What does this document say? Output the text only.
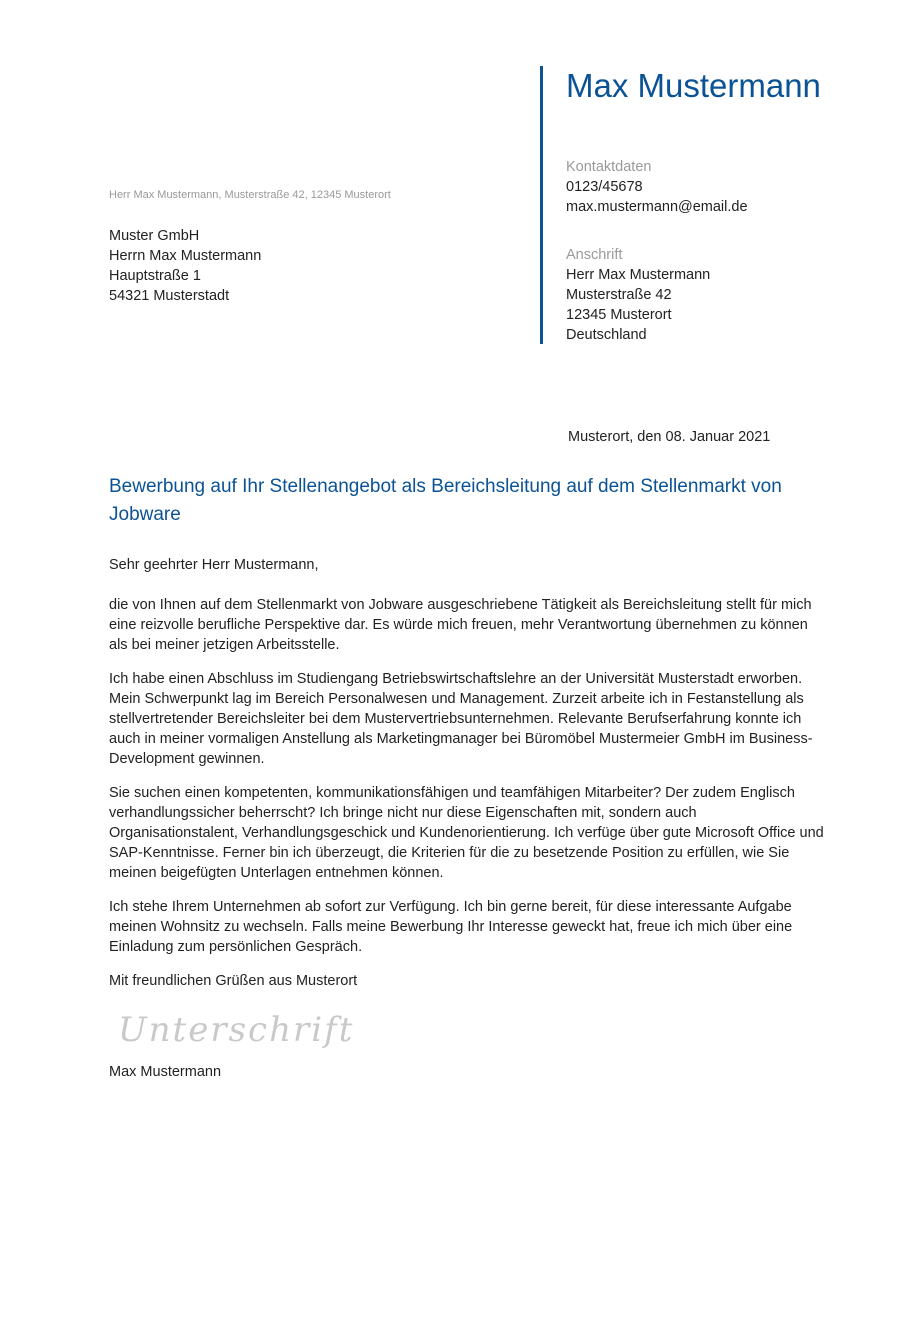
Max Mustermann
Kontaktdaten
0123/45678
max.mustermann@email.de
Anschrift
Herr Max Mustermann
Musterstraße 42
12345 Musterort
Deutschland
Herr Max Mustermann, Musterstraße 42, 12345 Musterort
Muster GmbH
Herrn Max Mustermann
Hauptstraße 1
54321 Musterstadt
Musterort, den 08. Januar 2021
Bewerbung auf Ihr Stellenangebot als Bereichsleitung auf dem Stellenmarkt von Jobware
Sehr geehrter Herr Mustermann,
die von Ihnen auf dem Stellenmarkt von Jobware ausgeschriebene Tätigkeit als Bereichsleitung stellt für mich eine reizvolle berufliche Perspektive dar. Es würde mich freuen, mehr Verantwortung übernehmen zu können als bei meiner jetzigen Arbeitsstelle.
Ich habe einen Abschluss im Studiengang Betriebswirtschaftslehre an der Universität Musterstadt erworben. Mein Schwerpunkt lag im Bereich Personalwesen und Management. Zurzeit arbeite ich in Festanstellung als stellvertretender Bereichsleiter bei dem Mustervertriebsunternehmen. Relevante Berufserfahrung konnte ich auch in meiner vormaligen Anstellung als Marketingmanager bei Büromöbel Mustermeier GmbH im Business-Development gewinnen.
Sie suchen einen kompetenten, kommunikationsfähigen und teamfähigen Mitarbeiter? Der zudem Englisch verhandlungssicher beherrscht? Ich bringe nicht nur diese Eigenschaften mit, sondern auch Organisationstalent, Verhandlungsgeschick und Kundenorientierung. Ich verfüge über gute Microsoft Office und SAP-Kenntnisse. Ferner bin ich überzeugt, die Kriterien für die zu besetzende Position zu erfüllen, wie Sie meinen beigefügten Unterlagen entnehmen können.
Ich stehe Ihrem Unternehmen ab sofort zur Verfügung. Ich bin gerne bereit, für diese interessante Aufgabe meinen Wohnsitz zu wechseln. Falls meine Bewerbung Ihr Interesse geweckt hat, freue ich mich über eine Einladung zum persönlichen Gespräch.
Mit freundlichen Grüßen aus Musterort
Unterschrift
Max Mustermann
